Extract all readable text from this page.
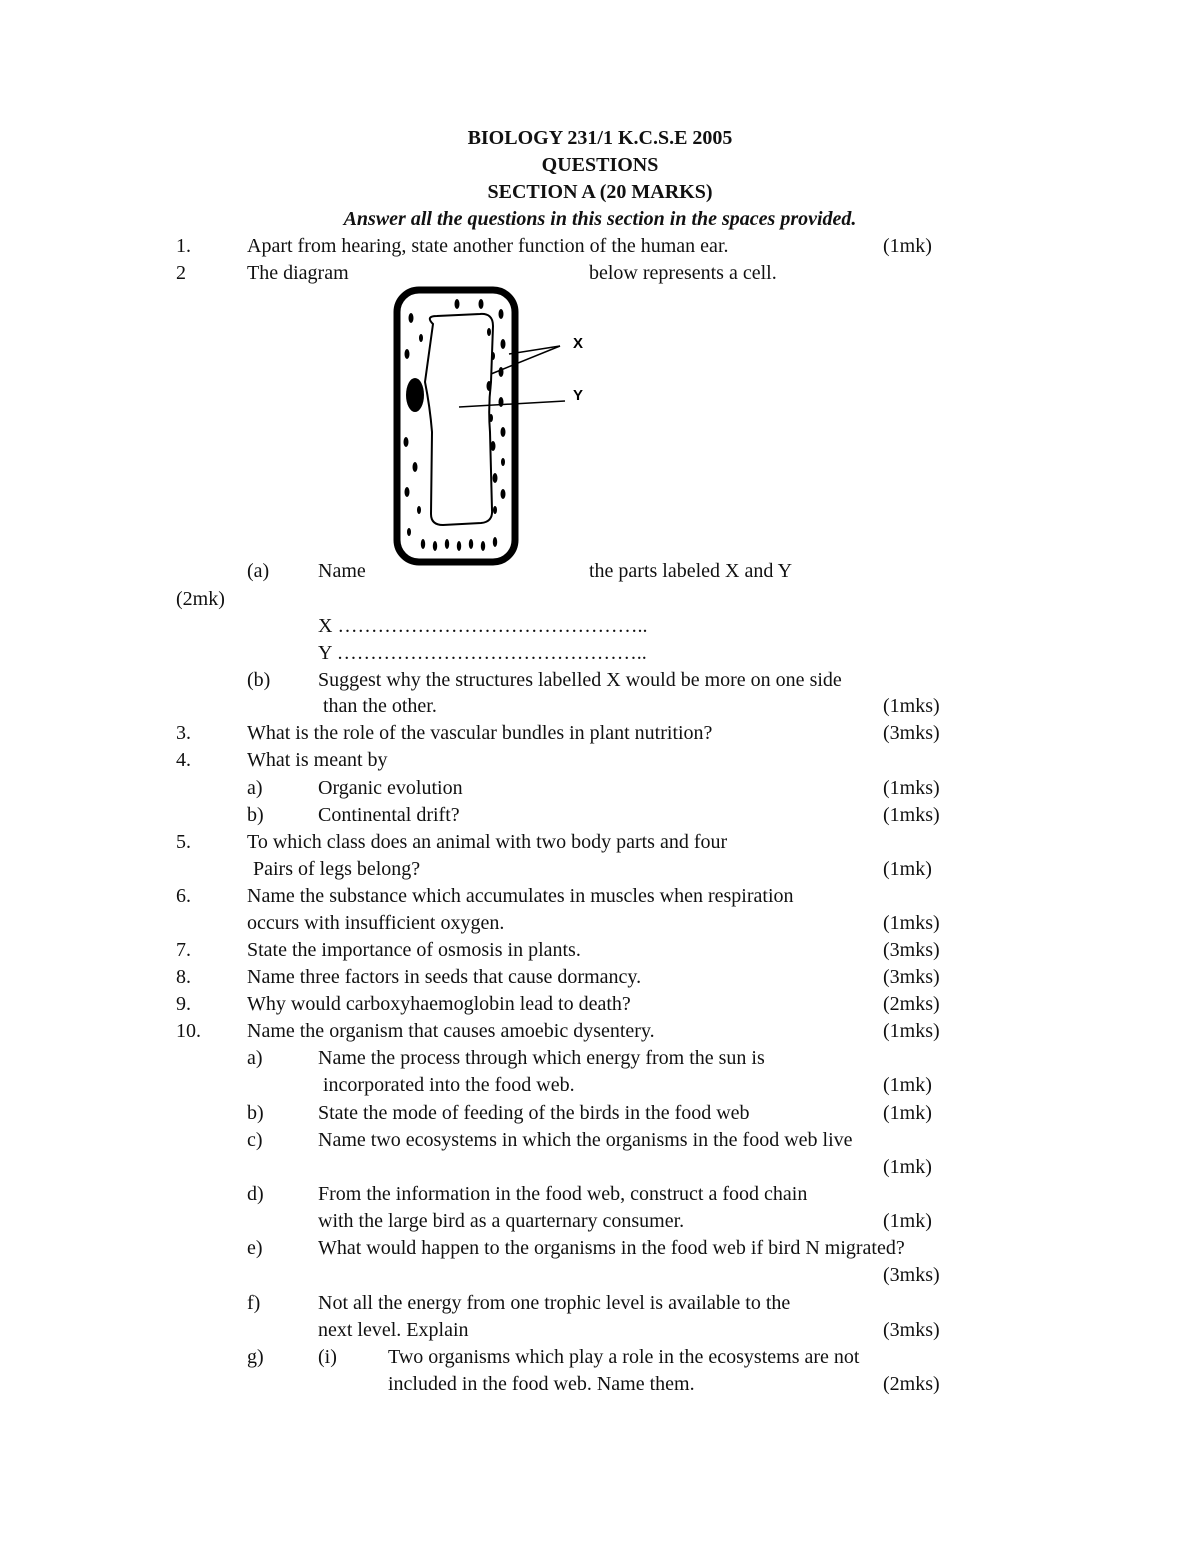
BIOLOGY 231/1 K.C.S.E 2005
QUESTIONS
SECTION A (20 MARKS)
Answer all the questions in this section in the spaces provided.
1.	Apart from hearing, state another function of the human ear.	(1mk)
2	The diagram	below represents a cell.
X
Y
(a) Name	the parts labeled X and Y
(2mk)
X ………………………………………..
Y ………………………………………..
(b) Suggest why the structures labelled X would be more on one side
than the other.	(1mks)
3.	What is the role of the vascular bundles in plant nutrition?	(3mks)
4.	What is meant by
a)	Organic evolution	(1mks)
b)	Continental drift?	(1mks)
5.	To which class does an animal with two body parts and four
Pairs of legs belong?	(1mk)
6.	Name the substance which accumulates in muscles when respiration
occurs with insufficient oxygen.	(1mks)
7.	State the importance of osmosis in plants.	(3mks)
8.	Name three factors in seeds that cause dormancy.	(3mks)
9.	Why would carboxyhaemoglobin lead to death?	(2mks)
10. Name the organism that causes amoebic dysentery.	(1mks)
a)	Name the process through which energy from the sun is
incorporated into the food web.	(1mk)
b)	State the mode of feeding of the birds in the food web	(1mk)
c)	Name two ecosystems in which the organisms in the food web live
(1mk)
d)	From the information in the food web, construct a food chain
with the large bird as a quarternary consumer.	(1mk)
e)	What would happen to the organisms in the food web if bird N migrated?
(3mks)
f)	Not all the energy from one trophic level is available to the
next level. Explain	(3mks)
g)	(i)	Two organisms which play a role in the ecosystems are not
included in the food web. Name them.	(2mks)
